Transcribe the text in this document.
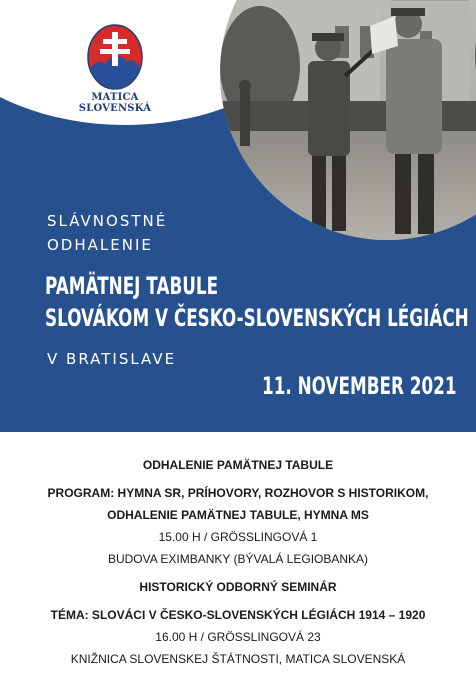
MATICA
SLOVENSKÁ
SLÁVNOSTNÉ
ODHALENIE
PAMÄTNEJ TABULE
SLOVÁKOM V ČESKO-SLOVENSKÝCH LÉGIÁCH
V BRATISLAVE
11. NOVEMBER 2021
ODHALENIE PAMÄTNEJ TABULE
PROGRAM: HYMNA SR, PRÍHOVORY, ROZHOVOR S HISTORIKOM,
ODHALENIE PAMÄTNEJ TABULE, HYMNA MS
15.00 H / GRÖSSLINGOVÁ 1
BUDOVA EXIMBANKY (BÝVALÁ LEGIOBANKA)
HISTORICKÝ ODBORNÝ SEMINÁR
TÉMA: SLOVÁCI V ČESKO-SLOVENSKÝCH LÉGIÁCH 1914 – 1920
16.00 H / GRÖSSLINGOVÁ 23
KNIŽNICA SLOVENSKEJ ŠTÁTNOSTI, MATICA SLOVENSKÁ
